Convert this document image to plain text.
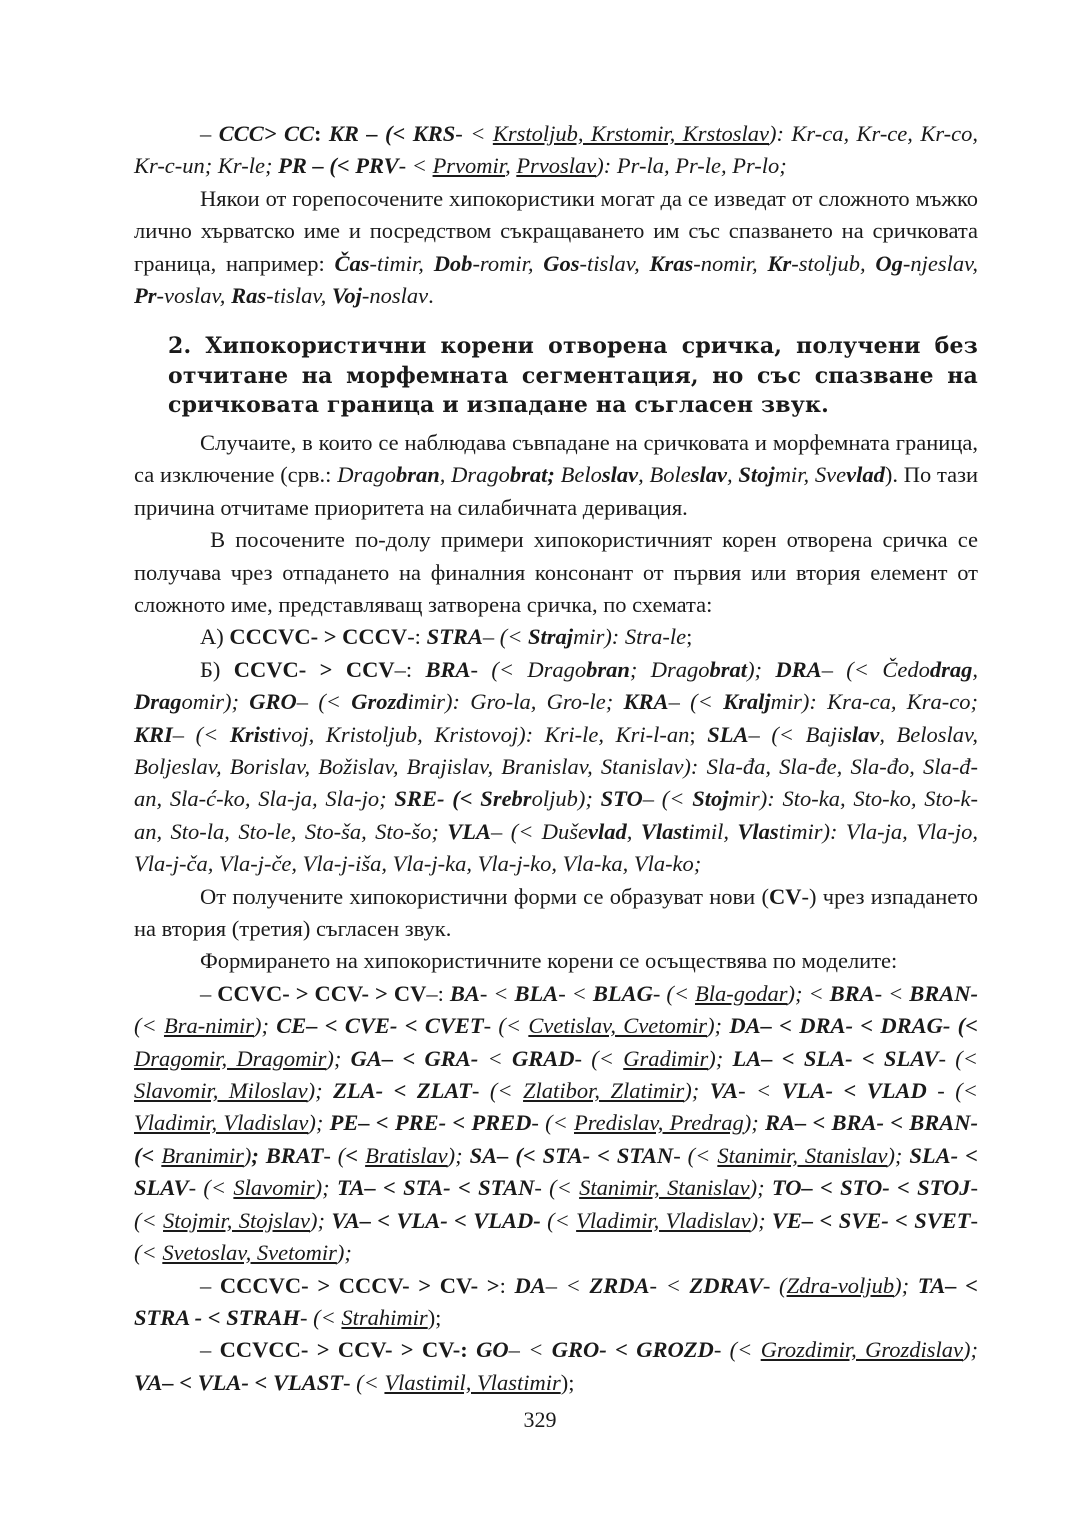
– CCC> CC: KR – (< KRS- < Krstoljub, Krstomir, Krstoslav): Kr-ca, Kr-ce, Kr-co, Kr-c-un; Kr-le; PR – (< PRV- < Prvomir, Prvoslav): Pr-la, Pr-le, Pr-lo;

Някои от горепосочените хипокористики могат да се изведат от сложното мъжко лично хърватско име и посредством съкращаването им със спазването на сричковата граница, например: Čas-timir, Dob-romir, Gos-tislav, Kras-nomir, Kr-stoljub, Og-njeslav, Pr-voslav, Ras-tislav, Voj-noslav.

2. Хипокористични корени отворена сричка, получени без отчитане на морфемната сегментация, но със спазване на сричковата граница и изпадане на съгласен звук.

Случаите, в които се наблюдава съвпадане на сричковата и морфемната граница, са изключение (срв.: Dragobran, Dragobrat; Beloslav, Boleslav, Stojmir, Svevlad). По тази причина отчитаме приоритета на силабичната деривация.

В посочените по-долу примери хипокористичният корен отворена сричка се получава чрез отпадането на финалния консонант от първия или втория елемент от сложното име, представляващ затворена сричка, по схемата:

А) CCCVC- > CCCV-: STRA– (< Strajmir): Stra-le;

Б) CCVC- > CCV–: BRA- (< Dragobran; Dragobrat); DRA– (< Čedodrag, Dragomir); GRO– (< Grozdimir): Gro-la, Gro-le; KRA– (< Kraljmir): Kra-ca, Kra-co; KRI– (< Kristivoj, Kristoljub, Kristovoj): Kri-le, Kri-l-an; SLA– (< Bajislav, Beloslav, Boljeslav, Borislav, Božislav, Brajislav, Branislav, Stanislav): Sla-đa, Sla-đe, Sla-đo, Sla-đ-an, Sla-ć-ko, Sla-ja, Sla-jo; SRE- (< Srebroljub); STO– (< Stojmir): Sto-ka, Sto-ko, Sto-k-an, Sto-la, Sto-le, Sto-ša, Sto-šo; VLA– (< Duševlad, Vlastimil, Vlastimir): Vla-ja, Vla-jo, Vla-j-ča, Vla-j-če, Vla-j-iša, Vla-j-ka, Vla-j-ko, Vla-ka, Vla-ko;

От получените хипокористични форми се образуват нови (CV-) чрез изпадането на втория (третия) съгласен звук.

Формирането на хипокористичните корени се осъществява по моделите:

– CCVC- > CCV- > CV–: BA- < BLA- < BLAG- (< Bla-godar); < BRA- < BRAN- (< Bra-nimir); CE– < CVE- < CVET- (< Cvetislav, Cvetomir); DA– < DRA- < DRAG- (< Dragomir, Dragomir); GA– < GRA- < GRAD- (< Gradimir); LA– < SLA- < SLAV- (< Slavomir, Miloslav); ZLA- < ZLAT- (< Zlatibor, Zlatimir); VA- < VLA- < VLAD - (< Vladimir, Vladislav); PE– < PRE- < PRED- (< Predislav, Predrag); RA– < BRA- < BRAN- (< Branimir); BRAT- (< Bratislav); SA– (< STA- < STAN- (< Stanimir, Stanislav); SLA- < SLAV- (< Slavomir); TA– < STA- < STAN- (< Stanimir, Stanislav); TO– < STO- < STOJ- (< Stojmir, Stojslav); VA– < VLA- < VLAD- (< Vladimir, Vladislav); VE– < SVE- < SVET- (< Svetoslav, Svetomir);

– CCCVC- > CCCV- > CV- >: DA– < ZRDA- < ZDRAV- (Zdra-voljub); TA– < STRA - < STRAH- (< Strahimir);

– CCVCC- > CCV- > CV-: GO– < GRO- < GROZD- (< Grozdimir, Grozdislav); VA– < VLA- < VLAST- (< Vlastimil, Vlastimir);

329
